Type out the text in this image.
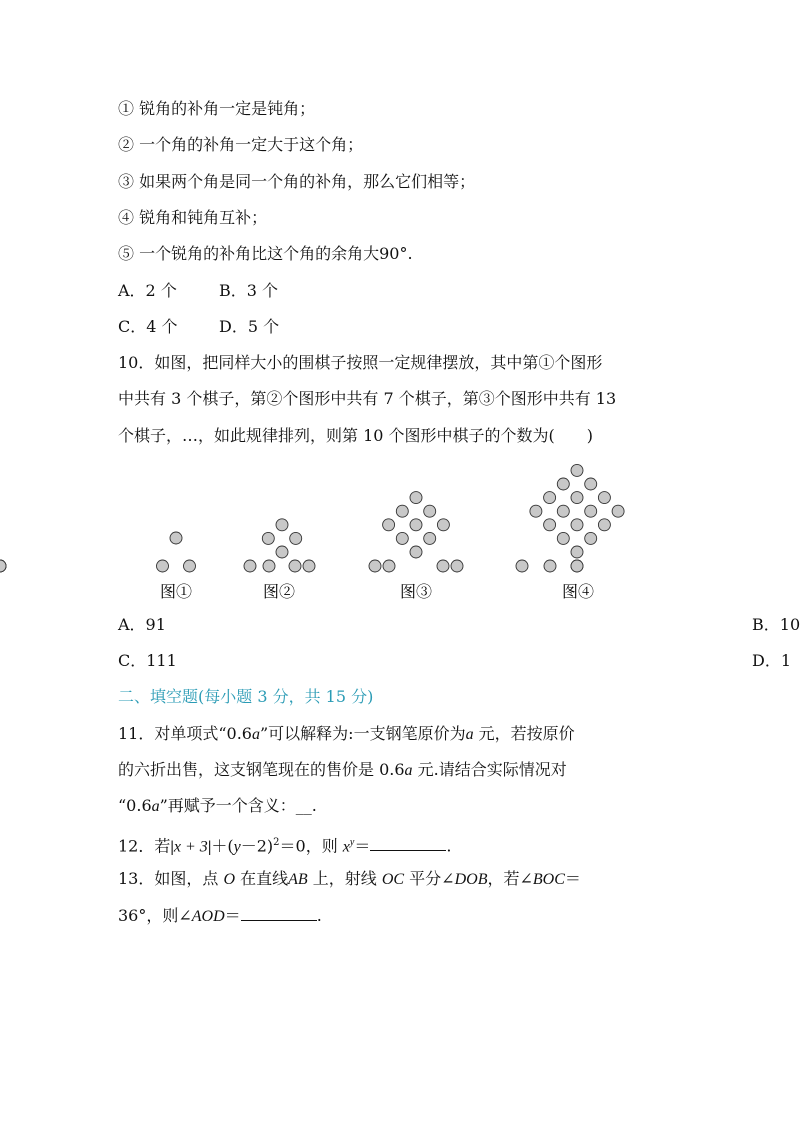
① 锐角的补角一定是钝角；
② 一个角的补角一定大于这个角；
③ 如果两个角是同一个角的补角，那么它们相等；
④ 锐角和钝角互补；
⑤ 一个锐角的补角比这个角的余角大90°.
A．2 个	B．3 个
C．4 个	D．5 个
10．如图，把同样大小的围棋子按照一定规律摆放，其中第①个图形
中共有 3 个棋子，第②个图形中共有 7 个棋子，第③个图形中共有 13
个棋子，…，如此规律排列，则第 10 个图形中棋子的个数为(　　)
图①	图②	图③	图④
A．91	B．10
C．111	D．1
二、填空题(每小题 3 分，共 15 分)
11．对单项式“0.6a”可以解释为:一支钢笔原价为a 元，若按原价
的六折出售，这支钢笔现在的售价是 0.6a 元.请结合实际情况对
“0.6a”再赋予一个含义：__.
12．若$|x + 3|+(y-2)^2=0$，则 $x^y=$	.
13．如图，点 O 在直线AB 上，射线 OC 平分∠DOB，若∠BOC＝
36°，则∠AOD＝	.
